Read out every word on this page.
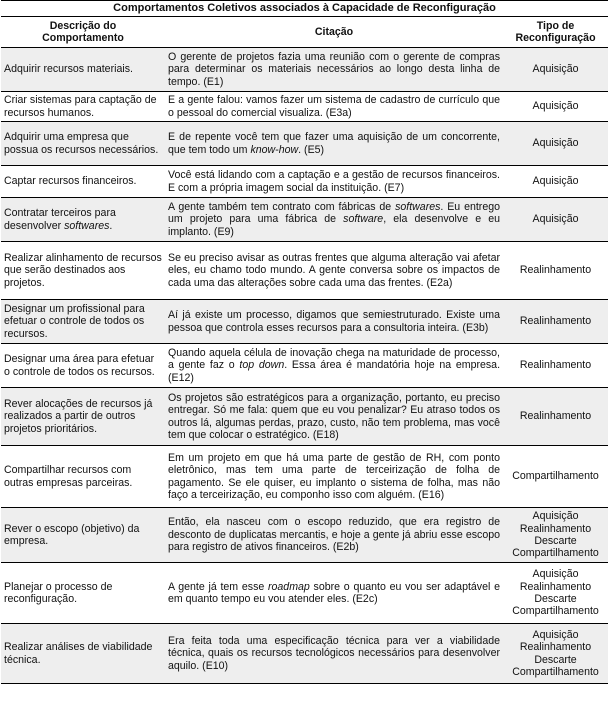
Comportamentos Coletivos associados à Capacidade de Reconfiguração		
Descrição do
Comportamento	Citação	Tipo de
Reconfiguração
Adquirir recursos materiais.	O gerente de projetos fazia uma reunião com o gerente de compras para determinar os materiais necessários ao longo desta linha de tempo. (E1)	Aquisição

Criar sistemas para captação de recursos humanos.	E a gente falou: vamos fazer um sistema de cadastro de currículo que o pessoal do comercial visualiza. (E3a)	Aquisição

Adquirir uma empresa que possua os recursos necessários.	E de repente você tem que fazer uma aquisição de um concorrente, que tem todo um know-how. (E5)	Aquisição

Captar recursos financeiros.	Você está lidando com a captação e a gestão de recursos financeiros. E com a própria imagem social da instituição. (E7)	Aquisição

Contratar terceiros para desenvolver softwares.	A gente também tem contrato com fábricas de softwares. Eu entrego um projeto para uma fábrica de software, ela desenvolve e eu implanto. (E9)	Aquisição

Realizar alinhamento de recursos que serão destinados aos projetos.	Se eu preciso avisar as outras frentes que alguma alteração vai afetar eles, eu chamo todo mundo. A gente conversa sobre os impactos de cada uma das alterações sobre cada uma das frentes. (E2a)	Realinhamento

Designar um profissional para efetuar o controle de todos os recursos.	Aí já existe um processo, digamos que semiestruturado. Existe uma pessoa que controla esses recursos para a consultoria inteira. (E3b)	Realinhamento

Designar uma área para efetuar o controle de todos os recursos.	Quando aquela célula de inovação chega na maturidade de processo, a gente faz o top down. Essa área é mandatória hoje na empresa. (E12)	Realinhamento

Rever alocações de recursos já realizados a partir de outros projetos prioritários.	Os projetos são estratégicos para a organização, portanto, eu preciso entregar. Só me fala: quem que eu vou penalizar? Eu atraso todos os outros lá, algumas perdas, prazo, custo, não tem problema, mas você tem que colocar o estratégico. (E18)	Realinhamento

Compartilhar recursos com outras empresas parceiras.	Em um projeto em que há uma parte de gestão de RH, com ponto eletrônico, mas tem uma parte de terceirização de folha de pagamento. Se ele quiser, eu implanto o sistema de folha, mas não faço a terceirização, eu componho isso com alguém. (E16)	Compartilhamento

Rever o escopo (objetivo) da empresa.	Então, ela nasceu com o escopo reduzido, que era registro de desconto de duplicatas mercantis, e hoje a gente já abriu esse escopo para registro de ativos financeiros. (E2b)	Aquisição
Realinhamento
Descarte
Compartilhamento

Planejar o processo de reconfiguração.	A gente já tem esse roadmap sobre o quanto eu vou ser adaptável e em quanto tempo eu vou atender eles. (E2c)	Aquisição
Realinhamento
Descarte
Compartilhamento

Realizar análises de viabilidade técnica.	Era feita toda uma especificação técnica para ver a viabilidade técnica, quais os recursos tecnológicos necessários para desenvolver aquilo. (E10)	Aquisição
Realinhamento
Descarte
Compartilhamento
